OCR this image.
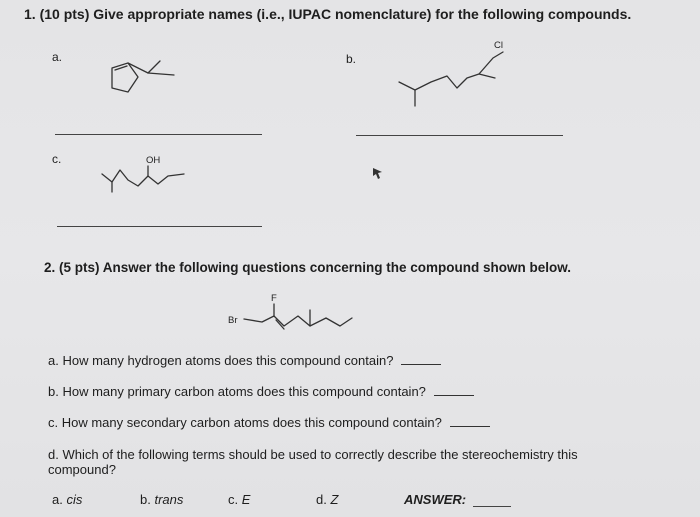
1. (10 pts) Give appropriate names (i.e., IUPAC nomenclature) for the following compounds.
a.	b.
c.
Cl
OH
2. (5 pts) Answer the following questions concerning the compound shown below.
Br
F
a. How many hydrogen atoms does this compound contain?
b. How many primary carbon atoms does this compound contain?
c. How many secondary carbon atoms does this compound contain?
d. Which of the following terms should be used to correctly describe the stereochemistry this compound?
a. cis	b. trans	c. E	d. Z	ANSWER:
